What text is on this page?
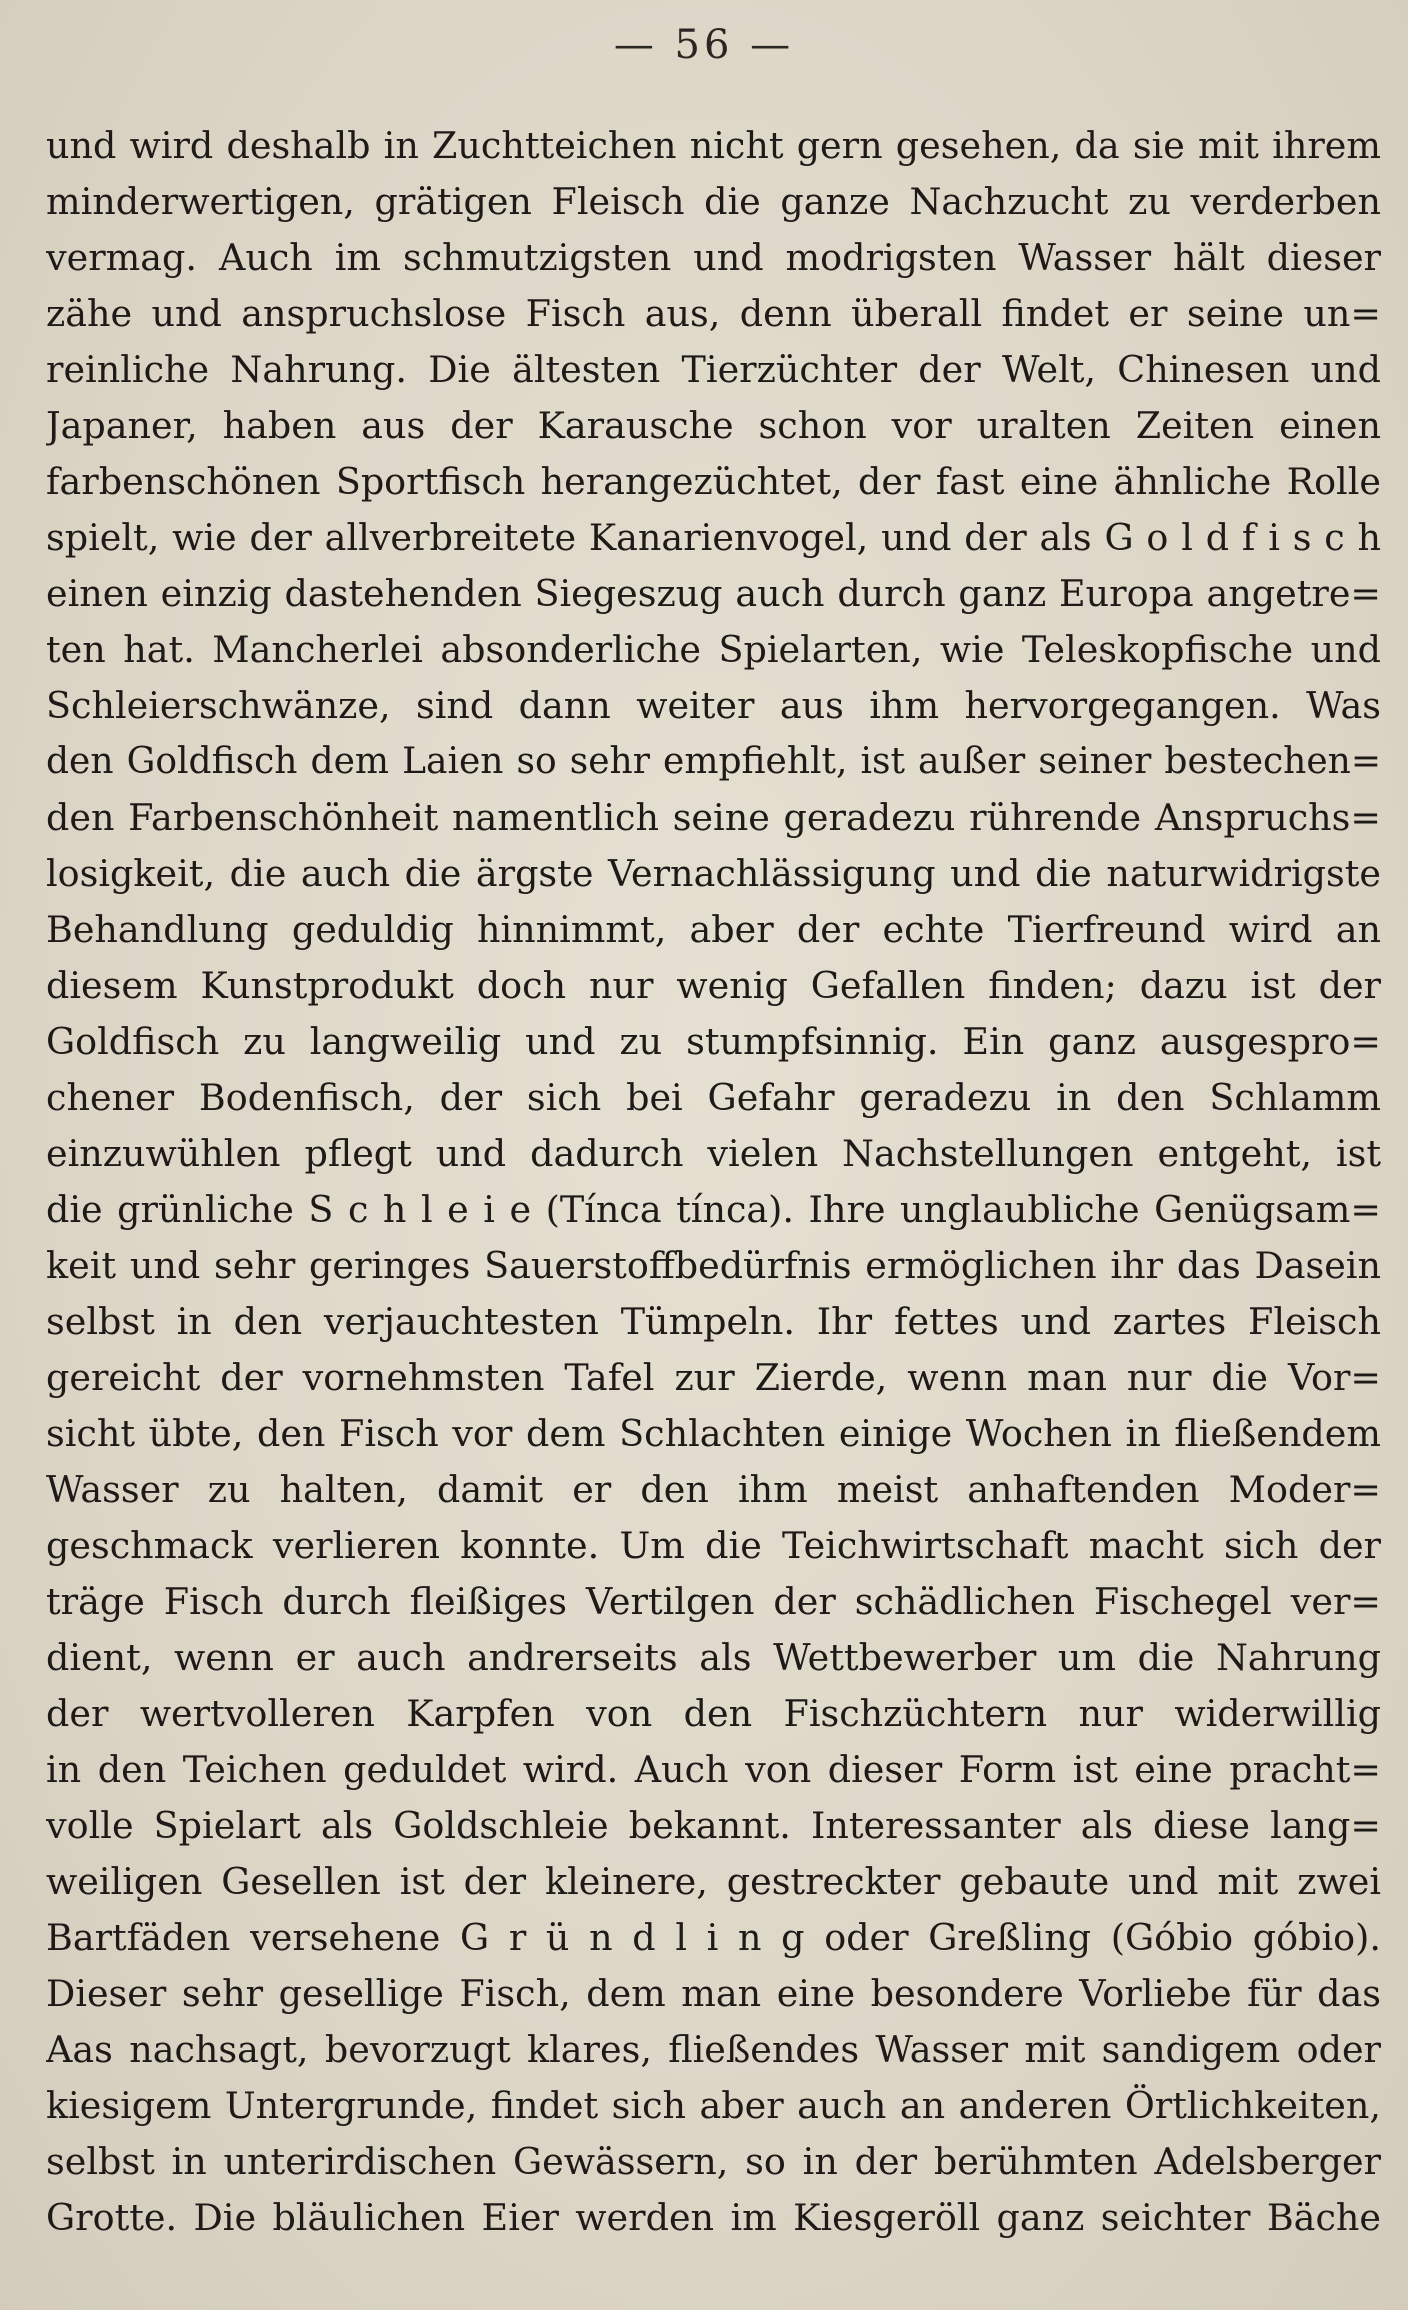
— 56 —
und wird deshalb in Zuchtteichen nicht gern gesehen, da sie mit ihrem
minderwertigen, grätigen Fleisch die ganze Nachzucht zu verderben
vermag. Auch im schmutzigsten und modrigsten Wasser hält dieser
zähe und anspruchslose Fisch aus, denn überall findet er seine un=
reinliche Nahrung. Die ältesten Tierzüchter der Welt, Chinesen und
Japaner, haben aus der Karausche schon vor uralten Zeiten einen
farbenschönen Sportfisch herangezüchtet, der fast eine ähnliche Rolle
spielt, wie der allverbreitete Kanarienvogel, und der als G o l d f i s c h
einen einzig dastehenden Siegeszug auch durch ganz Europa angetre=
ten hat. Mancherlei absonderliche Spielarten, wie Teleskopfische und
Schleierschwänze, sind dann weiter aus ihm hervorgegangen. Was
den Goldfisch dem Laien so sehr empfiehlt, ist außer seiner bestechen=
den Farbenschönheit namentlich seine geradezu rührende Anspruchs=
losigkeit, die auch die ärgste Vernachlässigung und die naturwidrigste
Behandlung geduldig hinnimmt, aber der echte Tierfreund wird an
diesem Kunstprodukt doch nur wenig Gefallen finden; dazu ist der
Goldfisch zu langweilig und zu stumpfsinnig. Ein ganz ausgespro=
chener Bodenfisch, der sich bei Gefahr geradezu in den Schlamm
einzuwühlen pflegt und dadurch vielen Nachstellungen entgeht, ist
die grünliche S c h l e i e (Tínca tínca). Ihre unglaubliche Genügsam=
keit und sehr geringes Sauerstoffbedürfnis ermöglichen ihr das Dasein
selbst in den verjauchtesten Tümpeln. Ihr fettes und zartes Fleisch
gereicht der vornehmsten Tafel zur Zierde, wenn man nur die Vor=
sicht übte, den Fisch vor dem Schlachten einige Wochen in fließendem
Wasser zu halten, damit er den ihm meist anhaftenden Moder=
geschmack verlieren konnte. Um die Teichwirtschaft macht sich der
träge Fisch durch fleißiges Vertilgen der schädlichen Fischegel ver=
dient, wenn er auch andrerseits als Wettbewerber um die Nahrung
der wertvolleren Karpfen von den Fischzüchtern nur widerwillig
in den Teichen geduldet wird. Auch von dieser Form ist eine pracht=
volle Spielart als Goldschleie bekannt. Interessanter als diese lang=
weiligen Gesellen ist der kleinere, gestreckter gebaute und mit zwei
Bartfäden versehene G r ü n d l i n g oder Greßling (Góbio góbio).
Dieser sehr gesellige Fisch, dem man eine besondere Vorliebe für das
Aas nachsagt, bevorzugt klares, fließendes Wasser mit sandigem oder
kiesigem Untergrunde, findet sich aber auch an anderen Örtlichkeiten,
selbst in unterirdischen Gewässern, so in der berühmten Adelsberger
Grotte. Die bläulichen Eier werden im Kiesgeröll ganz seichter Bäche
